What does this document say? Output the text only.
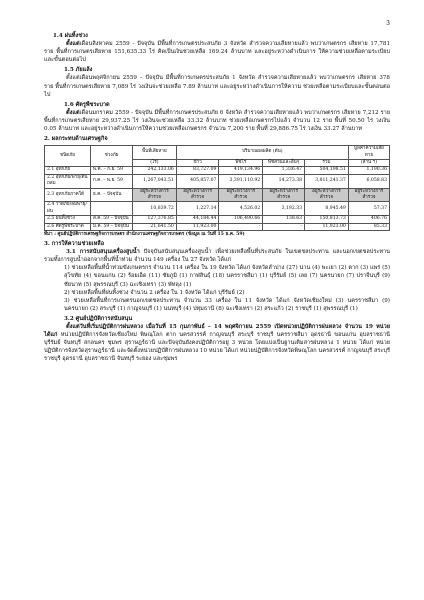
3
1.4 ฝนทิ้งช่วง
ตั้งแต่เดือนสิงหาคม 2559 - ปัจจุบัน มีพื้นที่การเกษตรประสบภัย 3 จังหวัด สำรวจความเสียหายแล้ว พบว่าเกษตรกร เสียหาย 17,781 ราย พื้นที่การเกษตรเสียหาย 151,635.33 ไร่ คิดเป็นเงินช่วยเหลือ 169.24 ล้านบาท และอยู่ระหว่างดำเนินการ ให้ความช่วยเหลือตามระเบียบและขั้นตอนต่อไป
1.5 ภัยแล้ง
ตั้งแต่เดือนพฤศจิกายน 2559 – ปัจจุบัน มีพื้นที่การเกษตรประสบภัย 1 จังหวัด สำรวจความเสียหายแล้ว พบว่าเกษตรกร เสียหาย 378 ราย พื้นที่การเกษตรเสียหาย 7,089 ไร่ วงเงินจะช่วยเหลือ 7.89 ล้านบาท และอยู่ระหว่างดำเนินการให้ความ ช่วยเหลือตามระเบียบและขั้นตอนต่อไป
1.6 ศัตรูพืชระบาด
ตั้งแต่เดือนมกราคม 2559 - ปัจจุบัน มีพื้นที่การเกษตรประสบภัย 6 จังหวัด สำรวจความเสียหายแล้ว พบว่าเกษตรกร เสียหาย 7,212 ราย พื้นที่การเกษตรเสียหาย 29,937.25 ไร่ วงเงินจะช่วยเหลือ 33.32 ล้านบาท ช่วยเหลือเกษตรกรไปแล้ว จำนวน 12 ราย พื้นที่ 50.50 ไร่ วงเงิน 0.05 ล้านบาท และอยู่ระหว่างดำเนินการให้ความช่วยเหลือเกษตรกร จำนวน 7,200 ราย พื้นที่ 29,886.75 ไร่ วงเงิน 33.27 ล้านบาท
2. ผลกระทบด้านเศรษฐกิจ
ชนิดภัย	ช่วงภัย	พื้นที่เสียหาย	ปริมาณผลผลิต (ตัน)				มูลค่าความเสียหาย
		(ไร่)	ข้าว	พืชไร่	พืชสวนและอื่นๆ	รวม	(ล้าน ฯ)
2.1 อุทกภัย	พ.ค. – ก.ย. 59	242,133.06	83,727.09	419,134.96	1,336.47	504,198.51	1,190.36
2.2 อุทกภัย/พายุ/ดินถล่ม	ก.ค. – พ.ย. 59	1,267,043.51	405,857.07	3,391,110.92	14,273.38	3,811,241.37	6,058.83
2.3 อุทกภัยภาคใต้	ธ.ค. – ปัจจุบัน	อยู่ระหว่างการสำรวจ	อยู่ระหว่างการสำรวจ	อยู่ระหว่างการสำรวจ	อยู่ระหว่างการสำรวจ	อยู่ระหว่างการสำรวจ	อยู่ระหว่างการสำรวจ
2.4 วาตภัย/ลมพายุ/ฝน		10,839.72	1,227.14	4,526.02	3,192.33	8,945.49	57.37
2.5 ฝนทิ้งช่วง	ส.ค. 59 – ปัจจุบัน	127,376.85	44,184.44	106,490.66	138.63	150,813.73	406.76
2.6 ศัตรูพืชระบาด	ม.ค. 59 – ปัจจุบัน	21,641.50	11,923.00	-	-	11,923.00	85.33
ที่มา : ศูนย์ปฏิบัติการเศรษฐกิจการเกษตร สำนักงานเศรษฐกิจการเกษตร (ข้อมูล ณ วันที่ 15 ธ.ค. 59)
3. การให้ความช่วยเหลือ
3.1 การสนับสนุนเครื่องสูบน้ำ ปัจจุบันสนับสนุนเครื่องสูบน้ำ เพื่อช่วยเหลือพื้นที่ประสบภัย ในเขตชลประทาน และนอกเขตชลประทาน รวมทั้งการสูบน้ำออกจากพื้นที่น้ำท่วม จำนวน 149 เครื่อง ใน 27 จังหวัด ได้แก่
1) ช่วยเหลือพื้นที่น้ำท่วมขังเกษตรกร จำนวน 114 เครื่อง ใน 19 จังหวัด ได้แก่ จังหวัดลำปาง (27) น่าน (4) พะเยา (2) ตาก (3) แพร่ (5) สุโขทัย (4) ขอนแก่น (2) ร้อยเอ็ด (11) ชัยภูมิ (1) กาฬสินธุ์ (18) นครราชสีมา (1) บุรีรัมย์ (5) เลย (7) นครนายก (7) ปราจีนบุรี (9) ชัยนาท (5) สุพรรณบุรี (3) ฉะเชิงเทรา (3) พัทลุง (1)
2) ช่วยเหลือพื้นที่ฝนทิ้งช่วง จำนวน 2 เครื่อง ใน 1 จังหวัด ได้แก่ บุรีรัมย์ (2)
3) ช่วยเหลือพื้นที่การเกษตรนอกเขตชลประทาน จำนวน 33 เครื่อง ใน 11 จังหวัด ได้แก่ จังหวัดเชียงใหม่ (3) นครราชสีมา (9) นครนายก (2) สระบุรี (1) กาญจนบุรี (1) นนทบุรี (4) ปทุมธานี (8) ฉะเชิงเทรา (2) สระแก้ว (2) ราชบุรี (1) สุพรรณบุรี (1)
3.2 ศูนย์ปฏิบัติการสนับสนุน
ตั้งแต่วันที่เริ่มปฏิบัติการฝนหลวง เมื่อวันที่ 15 กุมภาพันธ์ – 14 พฤศจิกายน 2559 เปิดหน่วยปฏิบัติการฝนหลวง จำนวน 19 หน่วย ได้แก่ หน่วยปฏิบัติการจังหวัดเชียงใหม่ พิษณุโลก ตาก นครสวรรค์ กาญจนบุรี สระบุรี ราชบุรี นครราชสีมา อุดรธานี ขอนแก่น อุบลราชธานี บุรีรัมย์ จันทบุรี สกลนคร ชุมพร สุราษฎร์ธานี และปัจจุบันยังคงปฏิบัติการอยู่ 3 หน่วย โดยแบ่งเป็นฐานเติมสารฝนหลวง 1 หน่วย ได้แก่ หน่วยปฏิบัติการจังหวัดสุราษฎร์ธานี และจัดตั้งหน่วยปฏิบัติการฝนหลวง 10 หน่วย ได้แก่ หน่วยปฏิบัติการจังหวัดพิษณุโลก นครสวรรค์ กาญจนบุรี สระบุรี ราชบุรี อุดรธานี อุบลราชธานี จันทบุรี ระยอง และชุมพร
